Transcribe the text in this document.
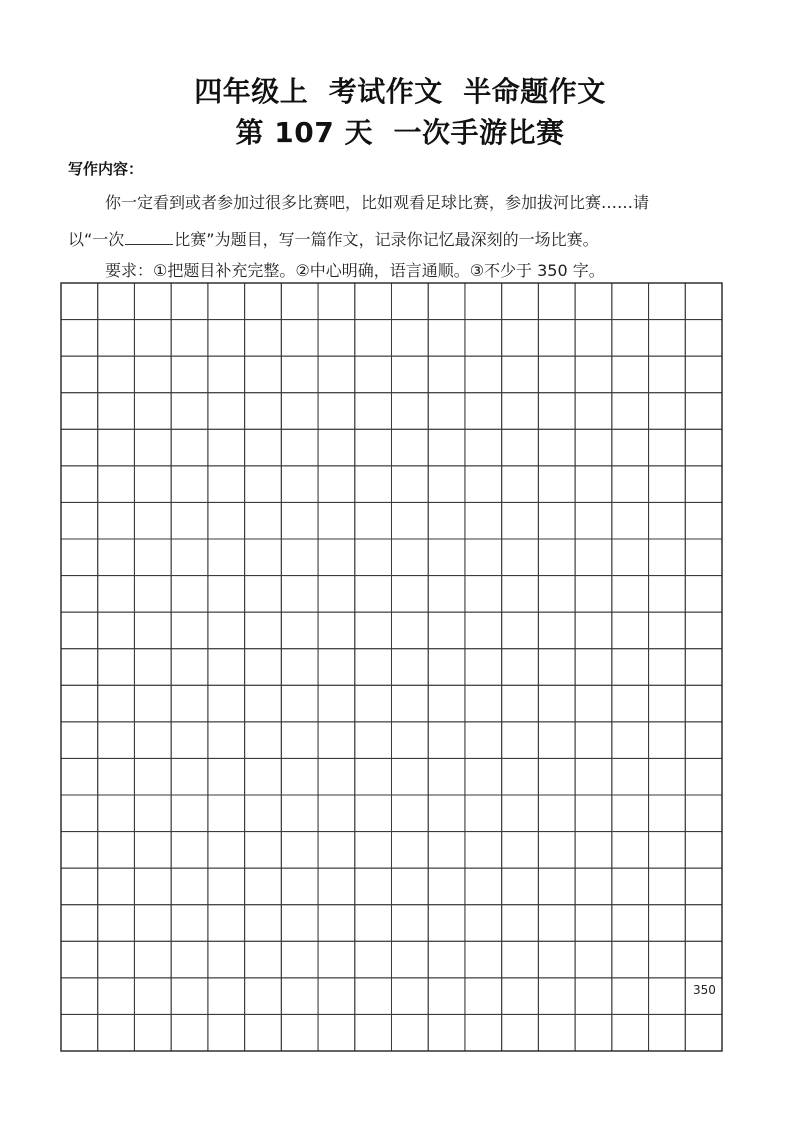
四年级上  考试作文  半命题作文
第 107 天  一次手游比赛
写作内容：
你一定看到或者参加过很多比赛吧，比如观看足球比赛，参加拔河比赛……请
以“一次	比赛”为题目，写一篇作文，记录你记忆最深刻的一场比赛。
要求：①把题目补充完整。②中心明确，语言通顺。③不少于 350 字。
350
